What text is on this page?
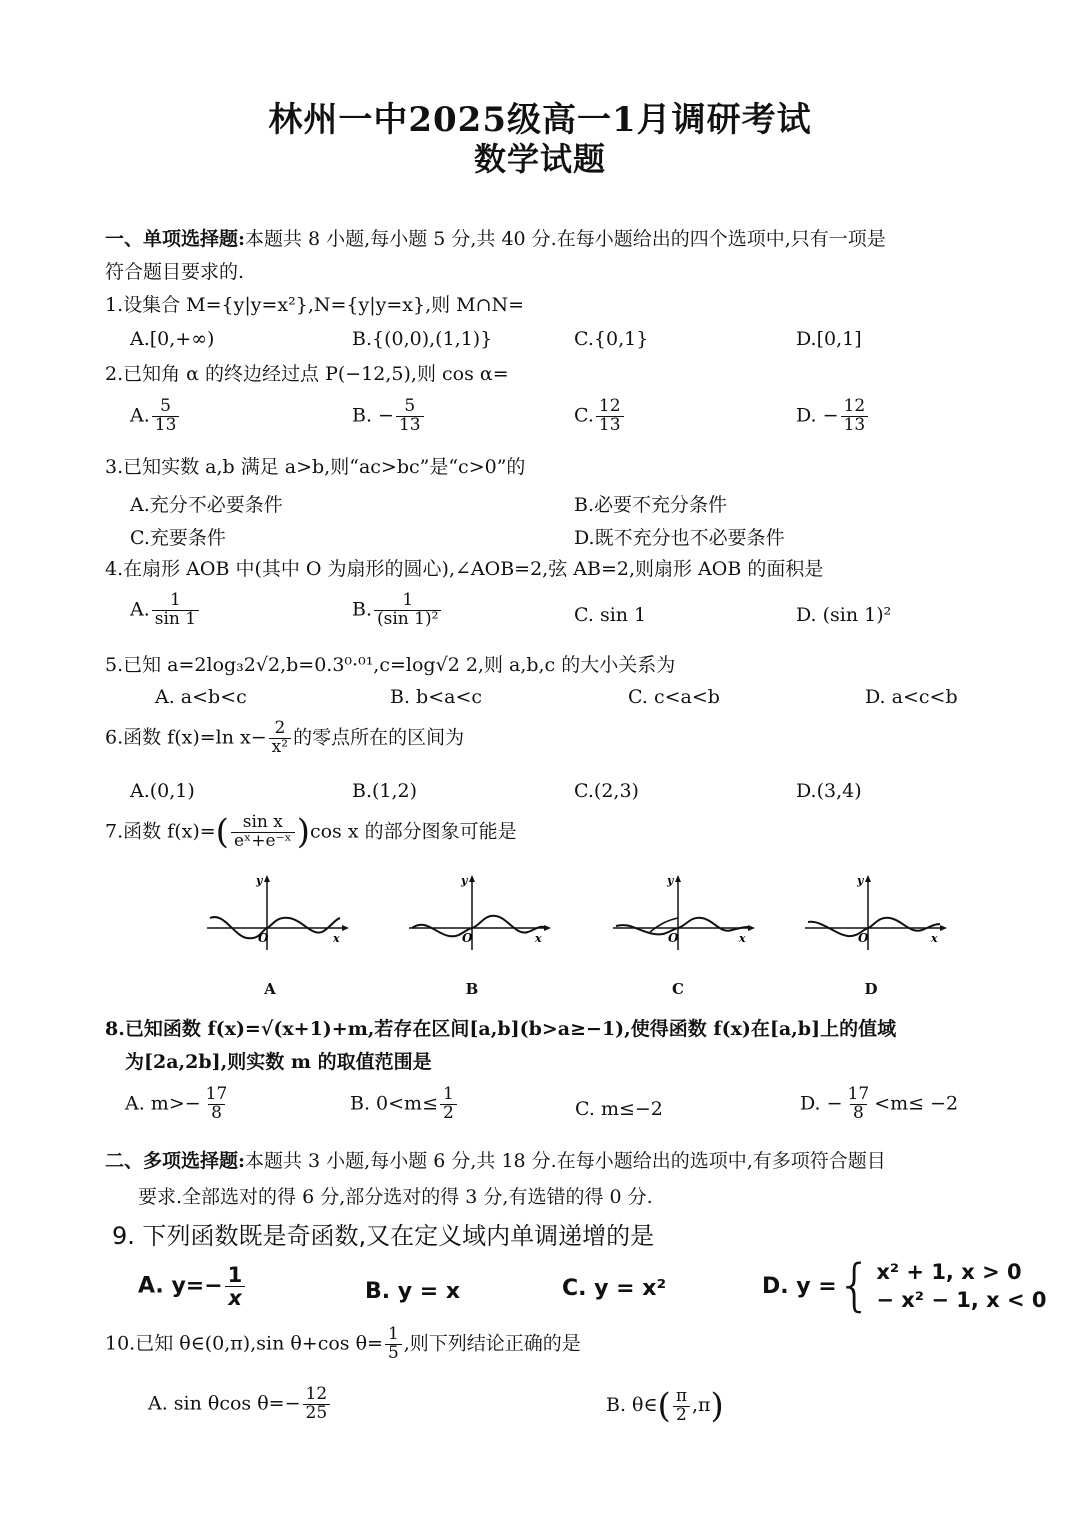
林州一中2025级高一1月调研考试
数学试题
一、单项选择题:本题共 8 小题,每小题 5 分,共 40 分.在每小题给出的四个选项中,只有一项是
符合题目要求的.
1.设集合 M={y|y=x²},N={y|y=x},则 M∩N=
A.[0,+∞)	B.{(0,0),(1,1)}	C.{0,1}	D.[0,1]
2.已知角 α 的终边经过点 P(−12,5),则 cos α=
A. $\frac{5}{13}$	B. − $\frac{5}{13}$	C. $\frac{12}{13}$	D. − $\frac{12}{13}$
3.已知实数 a,b 满足 a>b,则“ac>bc”是“c>0”的
A.充分不必要条件	B.必要不充分条件
C.充要条件	D.既不充分也不必要条件
4.在扇形 AOB 中(其中 O 为扇形的圆心),∠AOB=2,弦 AB=2,则扇形 AOB 的面积是
A. $\frac{1}{\sin 1}$	B. $\frac{1}{\text{(sin 1)²}}$	C. sin 1	D. (sin 1)²
5.已知 a=2log₃2√2,b=0.3⁰·⁰¹,c=log√2 2,则 a,b,c 的大小关系为
A. a<b<c	B. b<a<c	C. c<a<b	D. a<c<b
6.函数 f(x)=ln $x- \frac{2}{\text{x²}}$ 的零点所在的区间为
A.(0,1)	B.(1,2)	C.(2,3)	D.(3,4)
7.函数 $f(x)=( \frac{\text{sin x}}{\text{eˣ+e⁻ˣ}} )\cos$ x 的部分图象可能是
O	x
y
O	x
y
O	x
y
O	x
y
A	B	C	D
8.已知函数 f(x)=√(x+1)+m,若存在区间[a,b](b>a≥−1),使得函数 f(x)在[a,b]上的值域
为[2a,2b],则实数 m 的取值范围是
A. $m>- \frac{17}{8}$	B. $0<m\le \frac{1}{2}$	C. m≤−2	D. − $\frac{17}{8} <m\le -2$
二、多项选择题:本题共 3 小题,每小题 6 分,共 18 分.在每小题给出的选项中,有多项符合题目
要求.全部选对的得 6 分,部分选对的得 3 分,有选错的得 0 分.
9. 下列函数既是奇函数,又在定义域内单调递增的是
A. $y=- \frac{1}{x}$	B. y = x	C. y = x²	D. y = { x² + 1, x > 0
− x² − 1, x < 0
10.已知 θ∈(0,π),sin θ+cos $\theta= \frac{1}{5}$ ,则下列结论正确的是
A. sin θcos $\theta=- \frac{12}{25}$	B. θ∈( $\frac{\pi}{2} ,\pi$)
